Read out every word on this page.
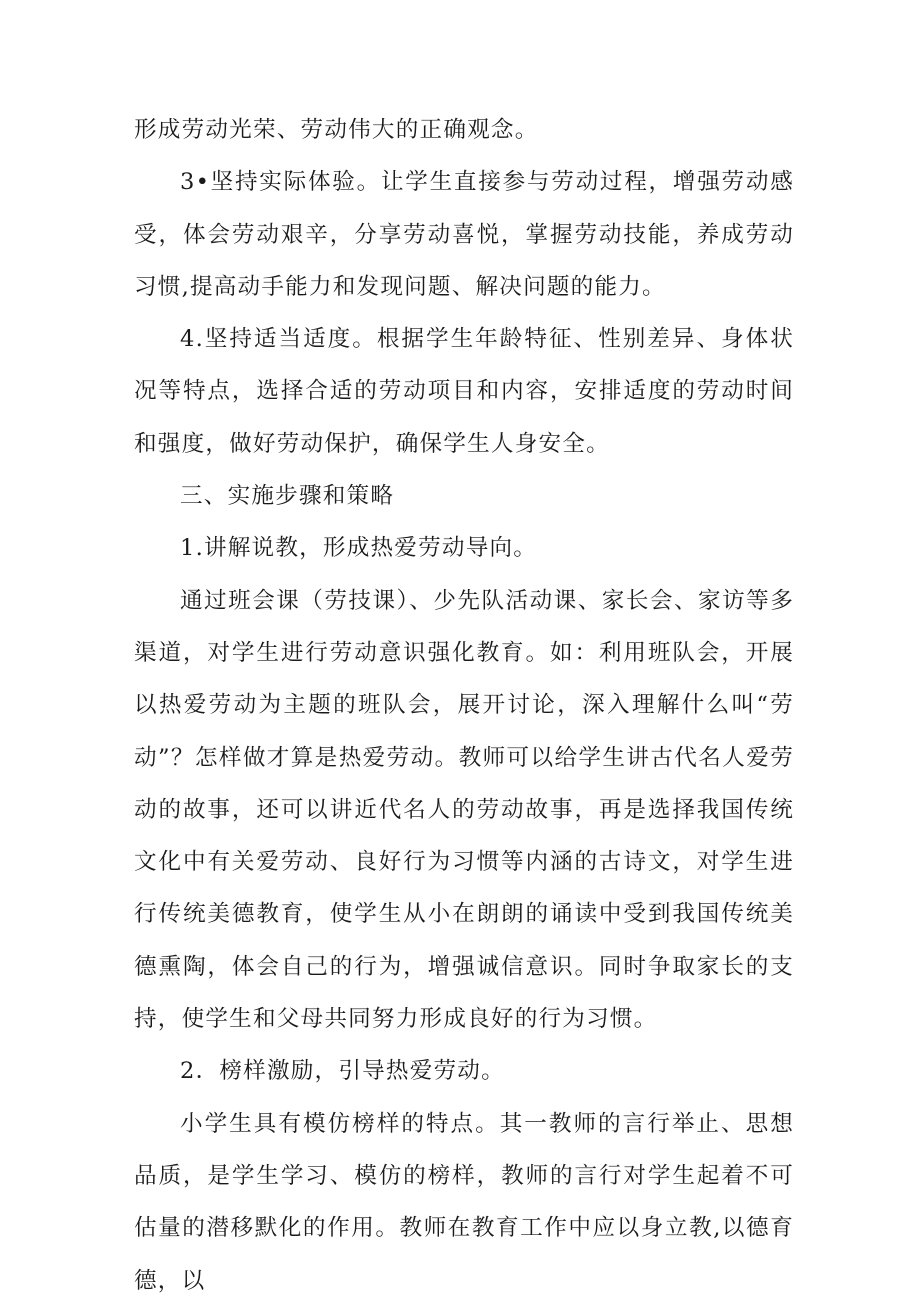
形成劳动光荣、劳动伟大的正确观念。

3•坚持实际体验。让学生直接参与劳动过程，增强劳动感受，体会劳动艰辛，分享劳动喜悦，掌握劳动技能，养成劳动习惯,提高动手能力和发现问题、解决问题的能力。

4.坚持适当适度。根据学生年龄特征、性别差异、身体状况等特点，选择合适的劳动项目和内容，安排适度的劳动时间和强度，做好劳动保护，确保学生人身安全。

三、实施步骤和策略

1.讲解说教，形成热爱劳动导向。

通过班会课（劳技课）、少先队活动课、家长会、家访等多渠道，对学生进行劳动意识强化教育。如：利用班队会，开展以热爱劳动为主题的班队会，展开讨论，深入理解什么叫“劳动”？怎样做才算是热爱劳动。教师可以给学生讲古代名人爱劳动的故事，还可以讲近代名人的劳动故事，再是选择我国传统文化中有关爱劳动、良好行为习惯等内涵的古诗文，对学生进行传统美德教育，使学生从小在朗朗的诵读中受到我国传统美德熏陶，体会自己的行为，增强诚信意识。同时争取家长的支持，使学生和父母共同努力形成良好的行为习惯。

2．榜样激励，引导热爱劳动。

小学生具有模仿榜样的特点。其一教师的言行举止、思想品质，是学生学习、模仿的榜样，教师的言行对学生起着不可估量的潜移默化的作用。教师在教育工作中应以身立教,以德育德，以
